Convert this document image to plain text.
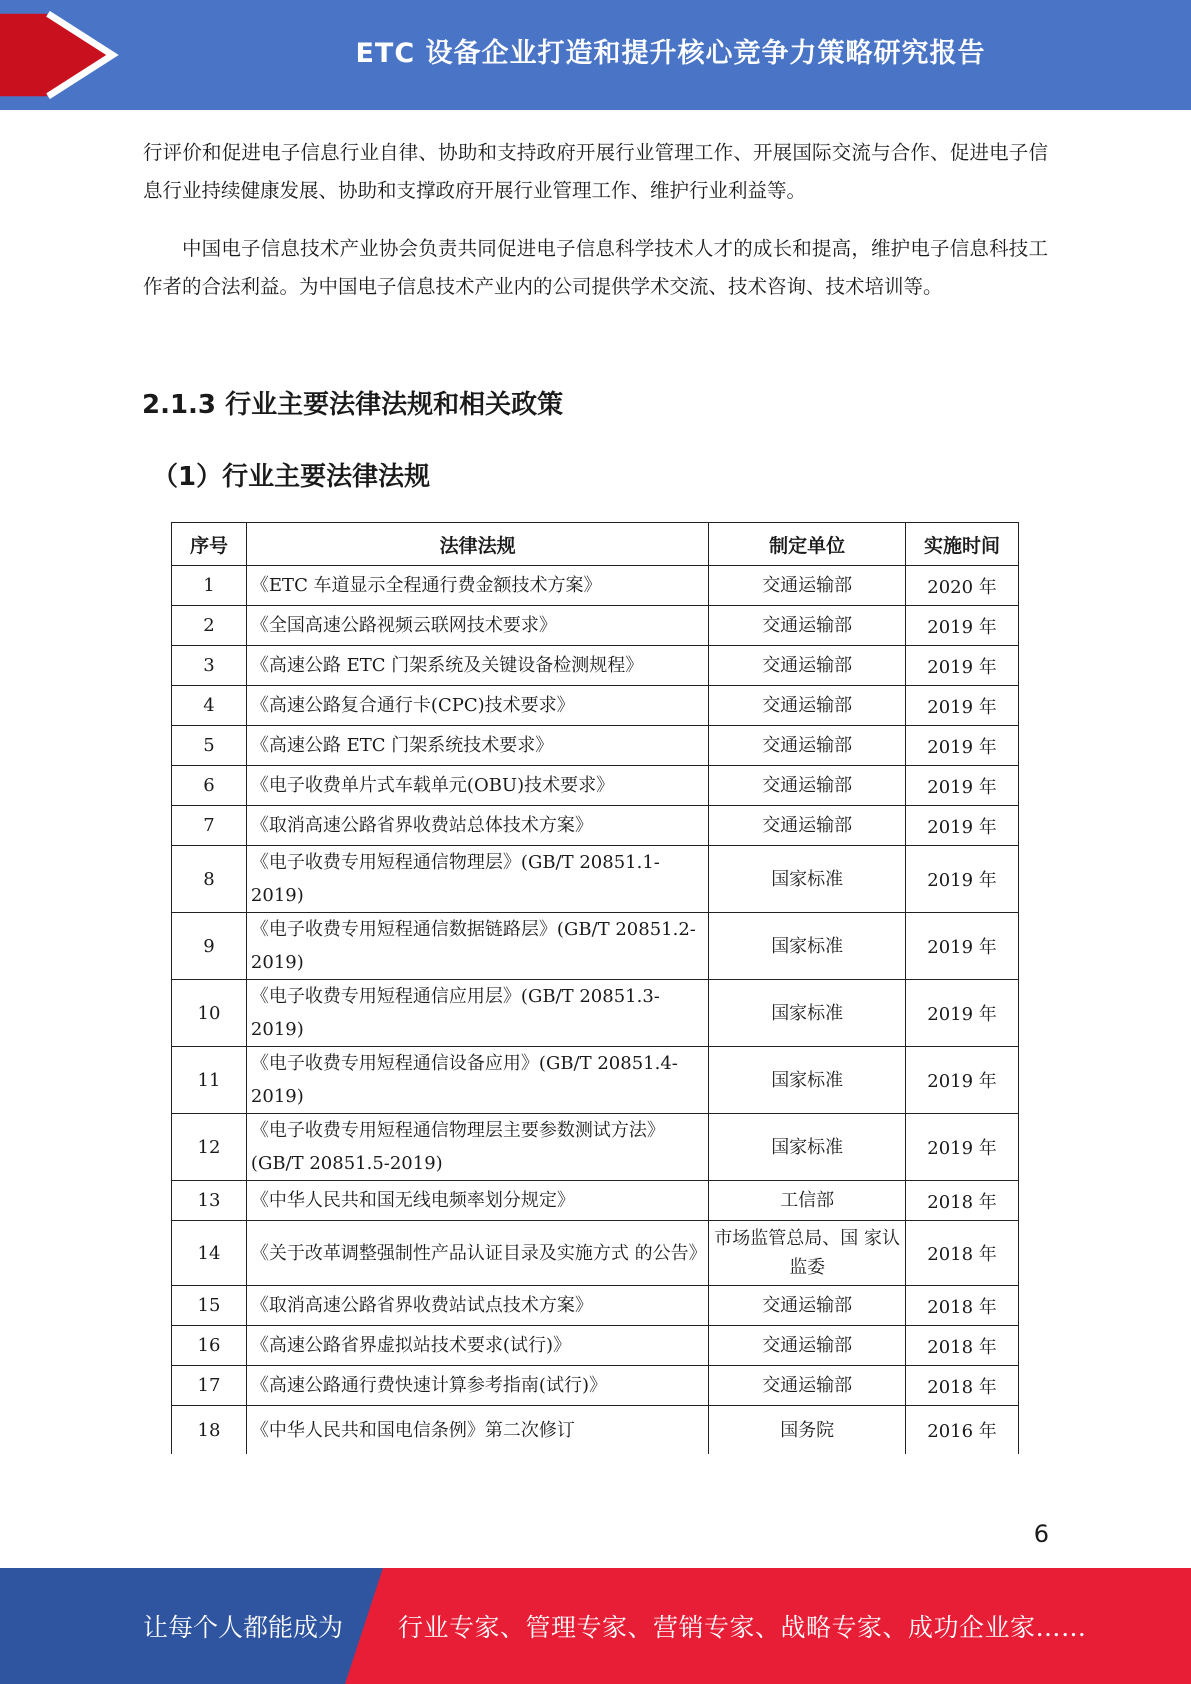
ETC 设备企业打造和提升核心竞争力策略研究报告

行评价和促进电子信息行业自律、协助和支持政府开展行业管理工作、开展国际交流与合作、促进电子信息行业持续健康发展、协助和支撑政府开展行业管理工作、维护行业利益等。

中国电子信息技术产业协会负责共同促进电子信息科学技术人才的成长和提高，维护电子信息科技工作者的合法利益。为中国电子信息技术产业内的公司提供学术交流、技术咨询、技术培训等。

2.1.3 行业主要法律法规和相关政策
（1）行业主要法律法规
序号	法律法规	制定单位	实施时间
1	《ETC 车道显示全程通行费金额技术方案》	交通运输部	2020 年
2	《全国高速公路视频云联网技术要求》	交通运输部	2019 年
3	《高速公路 ETC 门架系统及关键设备检测规程》	交通运输部	2019 年
4	《高速公路复合通行卡(CPC)技术要求》	交通运输部	2019 年
5	《高速公路 ETC 门架系统技术要求》	交通运输部	2019 年
6	《电子收费单片式车载单元(OBU)技术要求》	交通运输部	2019 年
7	《取消高速公路省界收费站总体技术方案》	交通运输部	2019 年
8	《电子收费专用短程通信物理层》(GB/T 20851.1-2019)	国家标准	2019 年
9	《电子收费专用短程通信数据链路层》(GB/T 20851.2-2019)	国家标准	2019 年
10	《电子收费专用短程通信应用层》(GB/T 20851.3-2019)	国家标准	2019 年
11	《电子收费专用短程通信设备应用》(GB/T 20851.4-2019)	国家标准	2019 年
12	《电子收费专用短程通信物理层主要参数测试方法》(GB/T 20851.5-2019)	国家标准	2019 年
13	《中华人民共和国无线电频率划分规定》	工信部	2018 年
14	《关于改革调整强制性产品认证目录及实施方式 的公告》	市场监管总局、国 家认监委	2018 年
15	《取消高速公路省界收费站试点技术方案》	交通运输部	2018 年
16	《高速公路省界虚拟站技术要求(试行)》	交通运输部	2018 年
17	《高速公路通行费快速计算参考指南(试行)》	交通运输部	2018 年
18	《中华人民共和国电信条例》第二次修订	国务院	2016 年
6
让每个人都能成为 行业专家、管理专家、营销专家、战略专家、成功企业家……
